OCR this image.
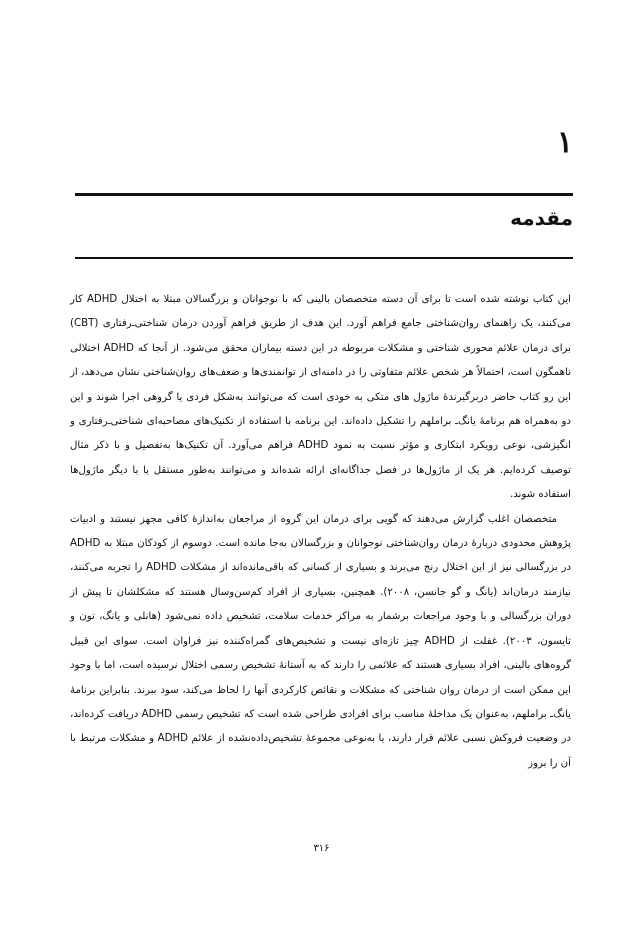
۱
مقدمه

این کتاب نوشته شده است تا برای آن دسته متخصصان بالینی که با نوجوانان و بزرگسالان مبتلا به اختلال ADHD کار می‌کنند، یک راهنمای روان‌شناختی جامع فراهم آورد. این هدف از طریق فراهم آوردن درمان شناختی‌ـ‌رفتاری (CBT) برای درمان علائم محوری شناختی و مشکلات مربوطه در این دسته بیماران محقق می‌شود. از آنجا که ADHD اختلالی ناهمگون است، احتمالاً هر شخص علائم متفاوتی را در دامنه‌ای از توانمندی‌ها و ضعف‌های روان‌شناختی نشان می‌دهد، از این رو کتاب حاضر دربرگیرندهٔ ماژول های متکی به خودی است که می‌توانند به‌شکل فردی یا گروهی اجرا شوند و این دو به‌همراه هم برنامهٔ یانگ‌ـ براملهم را تشکیل داده‌اند. این برنامه با استفاده از تکنیک‌های مصاحبه‌ای شناختی‌ـ‌رفتاری و انگیزشی، نوعی رویکرد ابتکاری و مؤثر نسبت به نمود ADHD فراهم می‌آورد. آن تکنیک‌ها به‌تفصیل و با ذکر مثال توصیف کرده‌ایم. هر یک از ماژول‌ها در فصل جداگانه‌ای ارائه شده‌اند و می‌توانند به‌طور مستقل یا با دیگر ماژول‌ها استفاده شوند.

متخصصان اغلب گزارش می‌دهند که گویی برای درمان این گروه از مراجعان به‌اندازهٔ کافی مجهز نیستند و ادبیات پژوهش محدودی دربارهٔ درمان روان‌شناختی نوجوانان و بزرگسالان به‌جا مانده است. دوسوم از کودکان مبتلا به ADHD در بزرگسالی نیز از این اختلال رنج می‌برند و بسیاری از کسانی که باقی‌مانده‌اند از مشکلات ADHD را تجربه می‌کنند، نیازمند درمان‌اند (یانگ و گو جانسن، ۲۰۰۸). همچنین، بسیاری از افراد کم‌سن‌وسال هستند که مشکلشان تا پیش از دوران بزرگسالی و با وجود مراجعات برشمار به مراکز خدمات سلامت، تشخیص داده نمی‌شود (هانلی و یانگ، تون و تایسون، ۲۰۰۳). غفلت از ADHD چیز تازه‌ای نیست و تشخیص‌های گمراه‌کننده نیز فراوان است. سوای این قبیل گروه‌های بالینی، افراد بسیاری هستند که علائمی را دارند که به آستانهٔ تشخیص رسمی اختلال نرسیده است، اما با وجود این ممکن است از درمان روان شناختی که مشکلات و نقائص کارکردی آنها را لحاظ می‌کند، سود ببرند. بنابراین برنامهٔ یانگ‌ـ براملهم، به‌عنوان یک مداخلهٔ مناسب برای افرادی طراحی شده است که تشخیص رسمی ADHD دریافت کرده‌اند، در وضعیت فروکش نسبی علائم قرار دارند، یا به‌نوعی مجموعهٔ تشخیص‌داده‌نشده از علائم ADHD و مشکلات مرتبط با آن را بروز

۳۱۶
